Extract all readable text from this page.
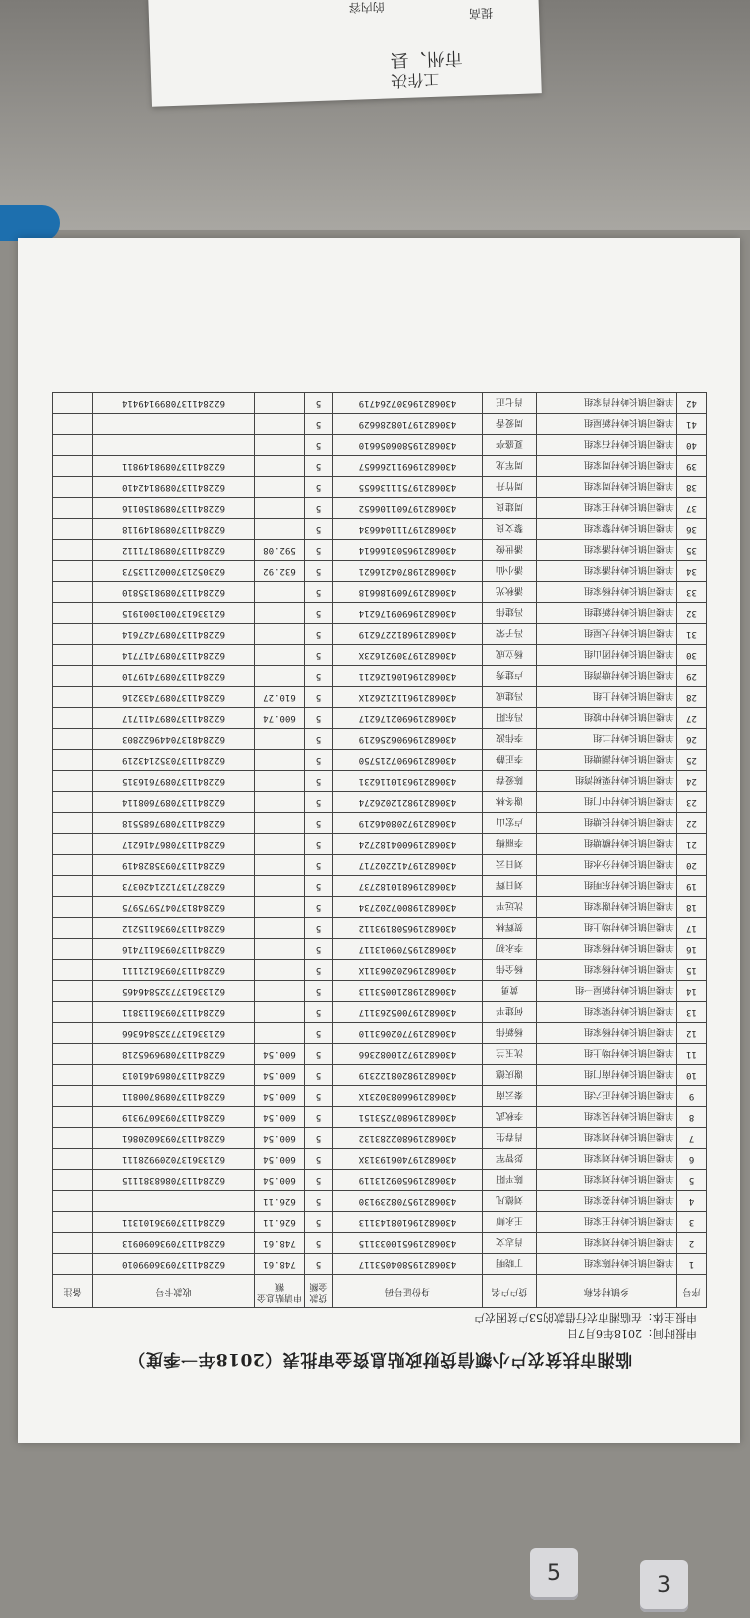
市州、县
工作决
提高
的内容
临湘市扶贫农户小额信贷财政贴息资金审批表（2018年一季度）
申报时间：2018年6月7日
申报主体：在临湘市农行借款的53户贫困农户
序号	乡镇村名称	贷户户名	身份证号码	贷款金额	申请贴息金额	收款卡号	备注
1	羊楼司镇长岭村陈家组	丁晓明	430682195804053117	5	748.61	6228411370936099010	
2	羊楼司镇长岭村刘家组	肖志文	430682196510033115	5	748.61	6228411370936090913	
3	羊楼司镇长岭村王家组	王永师	430682196108143113	5	626.11	6228411370936101311	
4	羊楼司镇长岭村姜家组	刘德凡	430682195708239130	5	626.11		
5	羊楼司镇长岭村刘家组	陈平阳	430682196509213119	5	600.54	6228411370868381115	
6	羊楼司镇长岭村刘家组	彭智军	43068219740619313X	5	600.54	6213361370209928111	
7	羊楼司镇长岭村刘家组	肖春生	430682196802283132	5	600.54	6228411370936020861	
8	羊楼司镇长岭村吴家组	李秋武	430682196807253151	5	600.54	6228411370936079319	
9	羊楼司镇长岭村正六组	秦云南	43068219660830231X	5	600.54	6228411370898700811	
10	羊楼司镇长岭村南门组	谢庆德	430682198208122319	5	600.54	6228411370869461013	
11	羊楼司镇长岭村坳上组	沈玉兰	430682197210082366	5	600.54	6228411370896965218	
12	羊楼司镇长岭村杨家组	杨新伟	430682197702063110	5		6213361377325846366	
13	羊楼司镇长岭村梁家组	何建平	430682197005263117	5		6228411370936113811	
14	羊楼司镇长岭村新屋一组	黄勇	430682198210053113	5		6213361377325846465	
15	羊楼司镇长岭村杨家组	杨全伟	43068219620206311X	5		6228411370936121111	
16	羊楼司镇长岭村杨家组	李永初	430682195709013117	5		6228411370936117416	
17	羊楼司镇长岭村坳上组	贺辉林	430682196508193112	5		6228411370936115212	
18	羊楼司镇长岭村谢家组	沈远平	430682198007202734	5		6228481370475975975	
19	羊楼司镇长岭村东明组	刘日辉	430682196810182737	5		6228271371221420373	
20	羊楼司镇长岭村分水组	刘日云	430682197412202717	5		6228411370935828419	
21	羊楼司镇长岭村横塘组	李丽梅	430682196004182724	5		6228411370867416217	
22	羊楼司镇长岭村长塘组	卢宏山	430682197208046219	5		6228411370897685518	
23	羊楼司镇长岭村中门组	谢冬林	430682198212026274	5		6228411370897608114	
24	羊楼司镇长岭村栗树湾组	陈爱春	430682196310116231	5		6228411370897616315	
25	羊楼司镇长岭村湖塘组	李正静	430682196907215750	5		6228411370352143219	
26	羊楼司镇长岭村二组	李伟波	430682196906256219	5		6228481370449622803	
27	羊楼司镇长岭村中坡组	冯东阳	430682196902176217	5	600.74	6228411370897411717	
28	羊楼司镇长岭村上组	冯建成	43068219611212621X	5	610.27	6228411370897433216	
29	羊楼司镇长岭村塘湾组	卢建秀	430682196106126211	5		6228411370897419710	
30	羊楼司镇长岭村团山组	杨立成	43068219730921623X	5		6228411370897417714	
31	羊楼司镇长岭村大屋组	冯子荣	430682196812276219	5		6228411370897427614	
32	羊楼司镇长岭村新建组	冯建伟	430682196909176214	5		6213361370013001915	
33	羊楼司镇长岭村杨家组	潘秋光	430682197609186618	5		6228411370898135810	
34	羊楼司镇长岭村潘家组	潘小仙	430682198704216621	5	632.92	6230521370002113573	
35	羊楼司镇长岭村潘家组	潘世俊	430682196503166614	5	592.08	6228411370898171112	
36	羊楼司镇长岭村黎家组	黎文良	430682197111046634	5		6228411370898149118	
37	羊楼司镇长岭村王家组	周建良	430682197601106652	5		6228411370898150116	
38	羊楼司镇长岭村周家组	周竹升	430682197511136655	5		6228411370898142410	
39	羊楼司镇长岭村周家组	周军龙	430682196911266657	5		6228411370898149811	
40	羊楼司镇长岭村石家组	夏盛亭	430682195806056610	5			
41	羊楼司镇长岭村新屋组	周爱香	430682197108286629	5			
42	羊楼司镇长岭村肖家组	肖七正	430682196307264719	5		6228411370899149414	
5	3
